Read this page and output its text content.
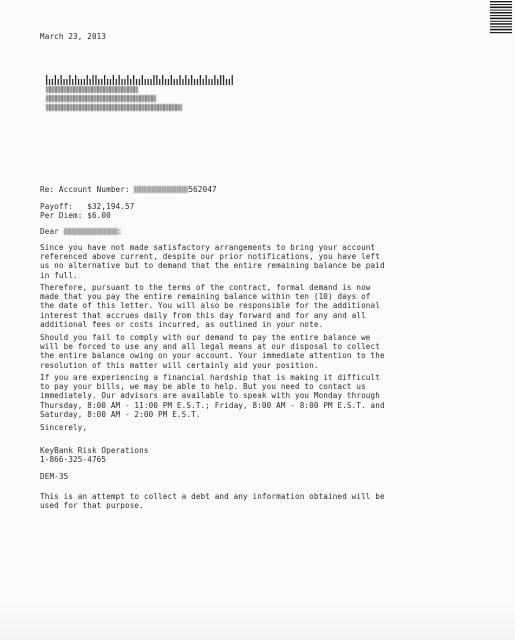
March 23, 2013
Re: Account Number:	562047
Payoff:   $32,194.57
Per Diem: $6.00
Dear	:
Since you have not made satisfactory arrangements to bring your account
referenced above current, despite our prior notifications, you have left
us no alternative but to demand that the entire remaining balance be paid
in full.
Therefore, pursuant to the terms of the contract, formal demand is now
made that you pay the entire remaining balance within ten (10) days of
the date of this letter. You will also be responsible for the additional
interest that accrues daily from this day forward and for any and all
additional fees or costs incurred, as outlined in your note.
Should you fail to comply with our demand to pay the entire balance we
will be forced to use any and all legal means at our disposal to collect
the entire balance owing on your account. Your immediate attention to the
resolution of this matter will certainly aid your position.
If you are experiencing a financial hardship that is making it difficult
to pay your bills, we may be able to help. But you need to contact us
immediately. Our advisors are available to speak with you Monday through
Thursday, 8:00 AM - 11:00 PM E.S.T.; Friday, 8:00 AM - 8:00 PM E.S.T. and
Saturday, 8:00 AM - 2:00 PM E.S.T.
Sincerely,
KeyBank Risk Operations
1-866-325-4765
DEM-35
This is an attempt to collect a debt and any information obtained will be
used for that purpose.
